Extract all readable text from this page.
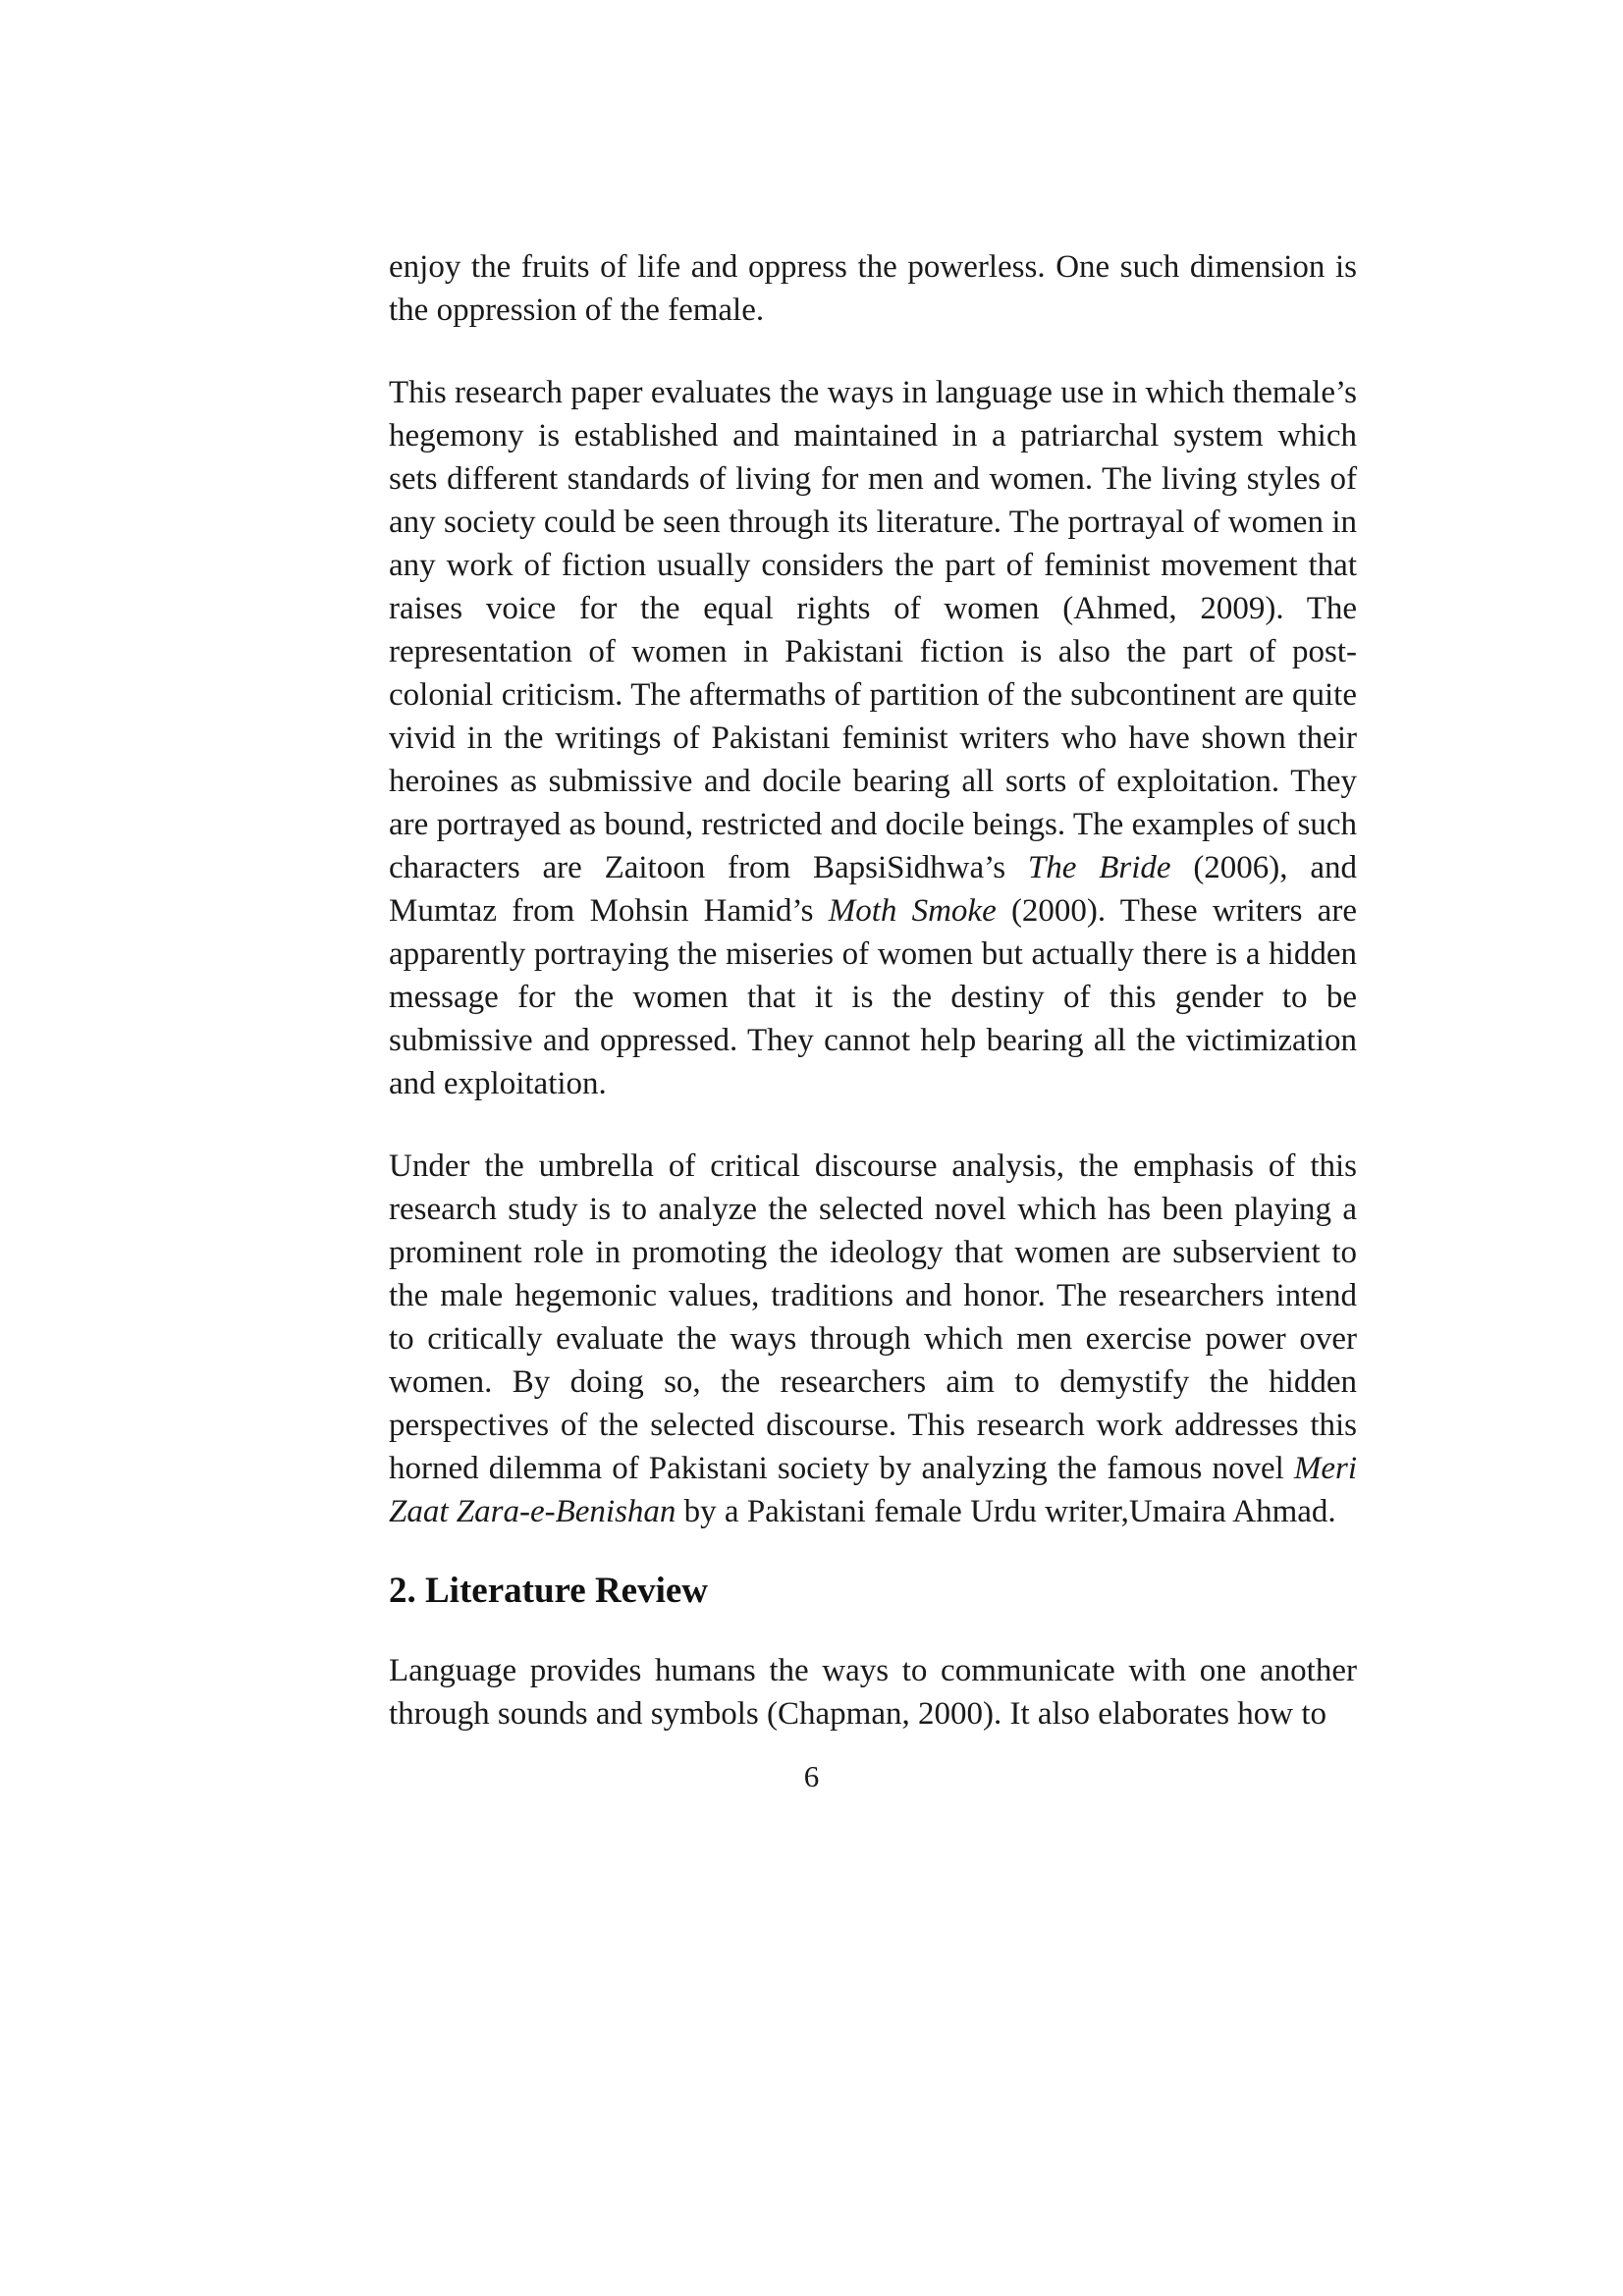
enjoy the fruits of life and oppress the powerless. One such dimension is the oppression of the female.

This research paper evaluates the ways in language use in which themale’s hegemony is established and maintained in a patriarchal system which sets different standards of living for men and women. The living styles of any society could be seen through its literature. The portrayal of women in any work of fiction usually considers the part of feminist movement that raises voice for the equal rights of women (Ahmed, 2009). The representation of women in Pakistani fiction is also the part of post-colonial criticism. The aftermaths of partition of the subcontinent are quite vivid in the writings of Pakistani feminist writers who have shown their heroines as submissive and docile bearing all sorts of exploitation. They are portrayed as bound, restricted and docile beings. The examples of such characters are Zaitoon from BapsiSidhwa’s The Bride (2006), and Mumtaz from Mohsin Hamid’s Moth Smoke (2000). These writers are apparently portraying the miseries of women but actually there is a hidden message for the women that it is the destiny of this gender to be submissive and oppressed. They cannot help bearing all the victimization and exploitation.

Under the umbrella of critical discourse analysis, the emphasis of this research study is to analyze the selected novel which has been playing a prominent role in promoting the ideology that women are subservient to the male hegemonic values, traditions and honor. The researchers intend to critically evaluate the ways through which men exercise power over women. By doing so, the researchers aim to demystify the hidden perspectives of the selected discourse. This research work addresses this horned dilemma of Pakistani society by analyzing the famous novel Meri Zaat Zara-e-Benishan by a Pakistani female Urdu writer,Umaira Ahmad.

2. Literature Review

Language provides humans the ways to communicate with one another through sounds and symbols (Chapman, 2000). It also elaborates how to

6
